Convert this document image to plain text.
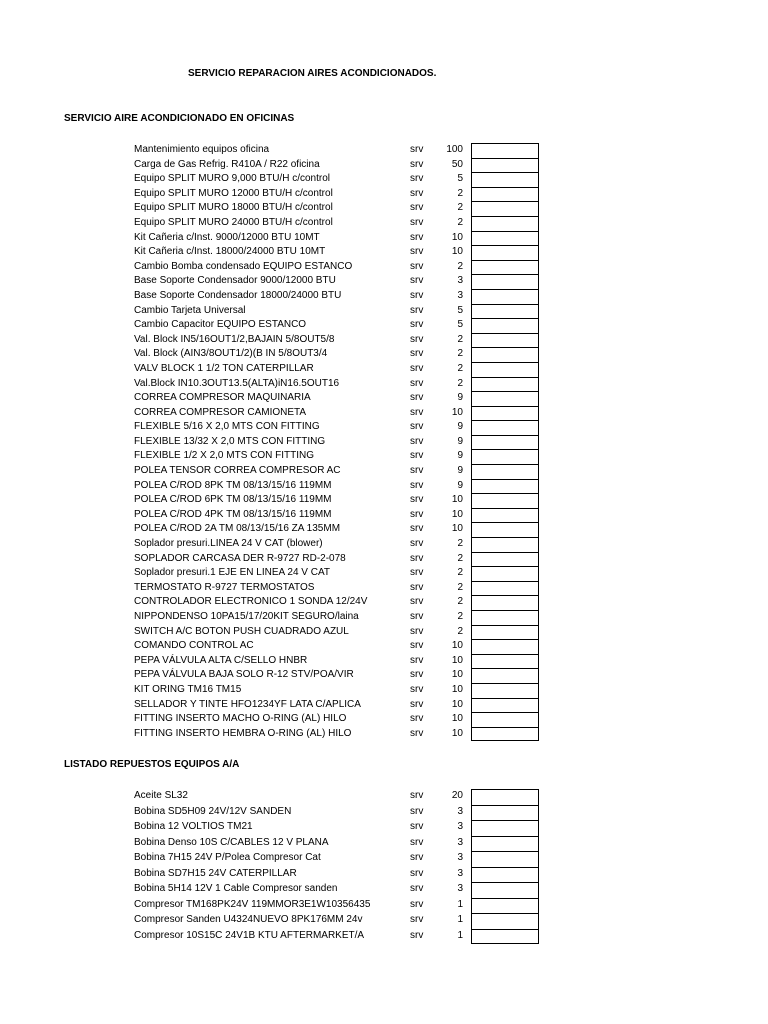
SERVICIO REPARACION AIRES ACONDICIONADOS.
SERVICIO AIRE ACONDICIONADO EN OFICINAS
Mantenimiento equipos oficina	srv 100
Carga de Gas Refrig. R410A / R22 oficina	srv	50
Equipo SPLIT MURO 9,000 BTU/H c/control	srv	5
Equipo SPLIT MURO 12000 BTU/H c/control	srv	2
Equipo SPLIT MURO 18000 BTU/H c/control	srv	2
Equipo SPLIT MURO 24000 BTU/H c/control	srv	2
Kit Cañeria c/Inst. 9000/12000 BTU 10MT	srv	10
Kit Cañeria c/Inst. 18000/24000 BTU 10MT	srv	10
Cambio Bomba condensado EQUIPO ESTANCO	srv	2
Base Soporte Condensador 9000/12000 BTU	srv	3
Base Soporte Condensador 18000/24000 BTU	srv	3
Cambio Tarjeta Universal	srv	5
Cambio Capacitor EQUIPO ESTANCO	srv	5
Val. Block IN5/16OUT1/2,BAJAIN 5/8OUT5/8	srv	2
Val. Block (AIN3/8OUT1/2)(B IN 5/8OUT3/4	srv	2
VALV BLOCK 1 1/2 TON CATERPILLAR	srv	2
Val.Block IN10.3OUT13.5(ALTA)iN16.5OUT16	srv	2
CORREA COMPRESOR MAQUINARIA	srv	9
CORREA COMPRESOR CAMIONETA	srv	10
FLEXIBLE 5/16 X 2,0 MTS CON FITTING	srv	9
FLEXIBLE 13/32 X 2,0 MTS CON FITTING	srv	9
FLEXIBLE 1/2 X 2,0 MTS CON FITTING	srv	9
POLEA TENSOR CORREA COMPRESOR AC	srv	9
POLEA C/ROD 8PK TM 08/13/15/16 119MM	srv	9
POLEA C/ROD 6PK TM 08/13/15/16 119MM	srv	10
POLEA C/ROD 4PK TM 08/13/15/16 119MM	srv	10
POLEA C/ROD 2A TM 08/13/15/16 ZA 135MM	srv	10
Soplador presuri.LINEA 24 V CAT (blower)	srv	2
SOPLADOR CARCASA DER R-9727 RD-2-078	srv	2
Soplador presuri.1 EJE EN LINEA 24 V CAT	srv	2
TERMOSTATO R-9727 TERMOSTATOS	srv	2
CONTROLADOR ELECTRONICO 1 SONDA 12/24V	srv	2
NIPPONDENSO 10PA15/17/20KIT SEGURO/laina	srv	2
SWITCH A/C BOTON PUSH CUADRADO AZUL	srv	2
COMANDO CONTROL AC	srv	10
PEPA VÁLVULA ALTA C/SELLO HNBR	srv	10
PEPA VÁLVULA BAJA SOLO R-12 STV/POA/VIR	srv	10
KIT ORING TM16 TM15	srv	10
SELLADOR Y TINTE HFO1234YF LATA C/APLICA	srv	10
FITTING INSERTO MACHO O-RING (AL) HILO	srv	10
FITTING INSERTO HEMBRA O-RING (AL) HILO	srv	10
LISTADO REPUESTOS EQUIPOS A/A
Aceite SL32	srv	20
Bobina SD5H09 24V/12V SANDEN	srv	3
Bobina 12 VOLTIOS TM21	srv	3
Bobina Denso 10S C/CABLES 12 V PLANA	srv	3
Bobina 7H15 24V P/Polea Compresor Cat	srv	3
Bobina SD7H15 24V CATERPILLAR	srv	3
Bobina 5H14 12V 1 Cable Compresor sanden	srv	3
Compresor TM168PK24V 119MMOR3E1W10356435	srv	1
Compresor Sanden U4324NUEVO 8PK176MM 24v	srv	1
Compresor 10S15C 24V1B KTU AFTERMARKET/A	srv	1
